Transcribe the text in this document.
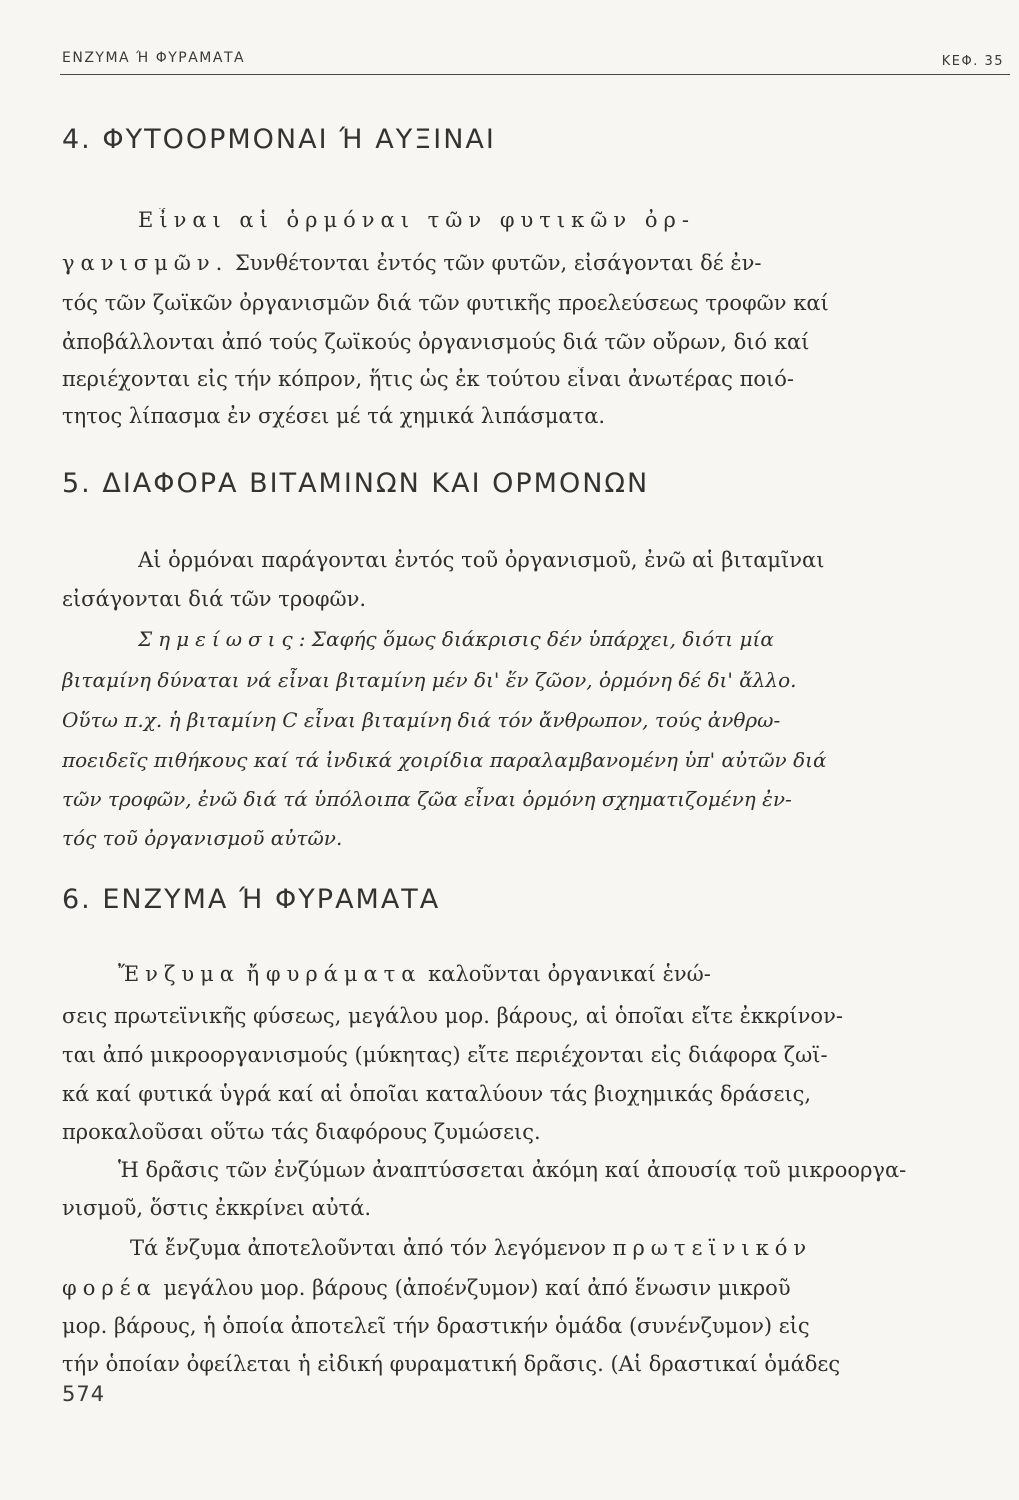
ΕΝΖΥΜΑ Ή ΦΥΡΑΜΑΤΑ	ΚΕΦ. 35
4. ΦΥΤΟΟΡΜΟΝΑΙ Ή ΑΥΞΙΝΑΙ
Εἶναι αἱ ὁρμόναι τῶν φυτικῶν ὀρ-
γανισμῶν. Συνθέτονται ἐντός τῶν φυτῶν, εἰσάγονται δέ ἐν-
τός τῶν ζωϊκῶν ὀργανισμῶν διά τῶν φυτικῆς προελεύσεως τροφῶν καί
ἀποβάλλονται ἀπό τούς ζωϊκούς ὀργανισμούς διά τῶν οὔρων, διό καί
περιέχονται εἰς τήν κόπρον, ἥτις ὡς ἐκ τούτου εἶναι ἀνωτέρας ποιό-
τητος λίπασμα ἐν σχέσει μέ τά χημικά λιπάσματα.
5. ΔΙΑΦΟΡΑ ΒΙΤΑΜΙΝΩΝ ΚΑΙ ΟΡΜΟΝΩΝ
Αἱ ὁρμόναι παράγονται ἐντός τοῦ ὀργανισμοῦ, ἐνῶ αἱ βιταμῖναι
εἰσάγονται διά τῶν τροφῶν.
Σημείωσις: Σαφής ὅμως διάκρισις δέν ὑπάρχει, διότι μία
βιταμίνη δύναται νά εἶναι βιταμίνη μέν δι' ἕν ζῶον, ὁρμόνη δέ δι' ἄλλο.
Οὕτω π.χ. ἡ βιταμίνη C εἶναι βιταμίνη διά τόν ἄνθρωπον, τούς ἀνθρω-
ποειδεῖς πιθήκους καί τά ἰνδικά χοιρίδια παραλαμβανομένη ὑπ' αὐτῶν διά
τῶν τροφῶν, ἐνῶ διά τά ὑπόλοιπα ζῶα εἶναι ὁρμόνη σχηματιζομένη ἐν-
τός τοῦ ὀργανισμοῦ αὐτῶν.
6. ΕΝΖΥΜΑ Ή ΦΥΡΑΜΑΤΑ
Ἔνζυμα ἤ φυράματα καλοῦνται ὀργανικαί ἑνώ-
σεις πρωτεϊνικῆς φύσεως, μεγάλου μορ. βάρους, αἱ ὁποῖαι εἴτε ἐκκρίνον-
ται ἀπό μικροοργανισμούς (μύκητας) εἴτε περιέχονται εἰς διάφορα ζωϊ-
κά καί φυτικά ὑγρά καί αἱ ὁποῖαι καταλύουν τάς βιοχημικάς δράσεις,
προκαλοῦσαι οὕτω τάς διαφόρους ζυμώσεις.
Ἡ δρᾶσις τῶν ἐνζύμων ἀναπτύσσεται ἀκόμη καί ἀπουσίᾳ τοῦ μικροοργα-
νισμοῦ, ὅστις ἐκκρίνει αὐτά.
Τά ἔνζυμα ἀποτελοῦνται ἀπό τόν λεγόμενον πρωτεϊνικόν
φορέα μεγάλου μορ. βάρους (ἀποένζυμον) καί ἀπό ἕνωσιν μικροῦ
μορ. βάρους, ἡ ὁποία ἀποτελεῖ τήν δραστικήν ὁμάδα (συνένζυμον) εἰς
τήν ὁποίαν ὀφείλεται ἡ εἰδική φυραματική δρᾶσις. (Αἱ δραστικαί ὁμάδες
574
